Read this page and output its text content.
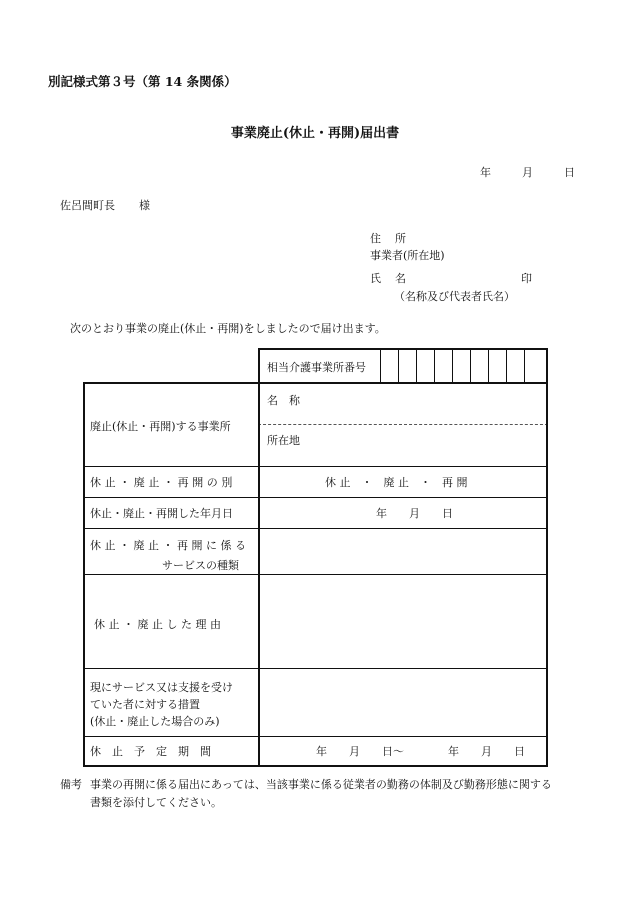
別記様式第３号（第 14 条関係）
事業廃止(休止・再開)届出書
年	月	日
佐呂間町長 様
住 所
事業者(所在地)
氏 名	印
（名称及び代表者氏名）
次のとおり事業の廃止(休止・再開)をしましたので届け出ます。
相当介護事業所番号
廃止(休止・再開)する事業所
名　称
所在地
休止・廃止・再開の別	休 止　・　廃 止　・　再 開
休止・廃止・再開した年月日	年　　月　　日
休 止 ・ 廃 止 ・ 再 開 に 係 る
サービスの種類
休 止 ・ 廃 止 し た 理 由
現にサービス又は支援を受け
ていた者に対する措置
(休止・廃止した場合のみ)
休　止　予　定　期　間	年　　月　　日〜　　　　年　　月　　日
備考 事業の再開に係る届出にあっては、当該事業に係る従業者の勤務の体制及び勤務形態に関する
書類を添付してください。
